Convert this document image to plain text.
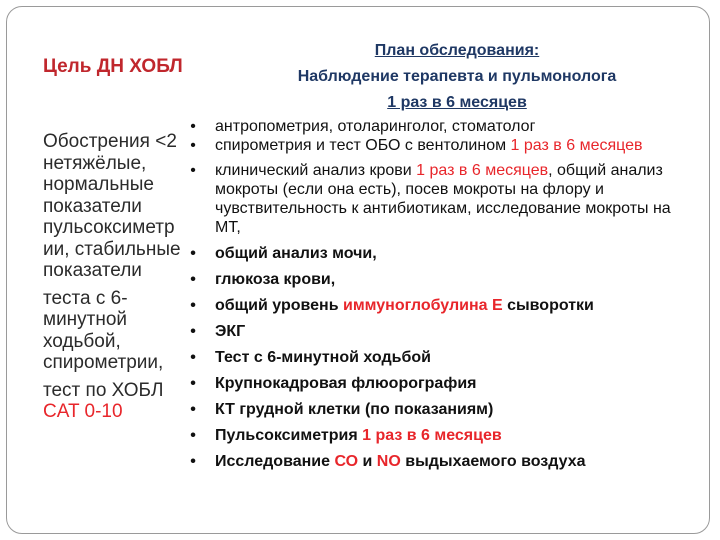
Цель ДН ХОБЛ
Обострения <2 нетяжёлые, нормальные показатели пульсоксиметр ии, стабильные показатели
теста с 6-минутной ходьбой, спирометрии,
тест по ХОБЛ CAT 0-10
План обследования:
Наблюдение терапевта и пульмонолога
1 раз в 6 месяцев
• антропометрия, отоларинголог, стоматолог
• спирометрия и тест ОБО с вентолином 1 раз в 6 месяцев
• клинический анализ крови 1 раз в 6 месяцев, общий анализ мокроты (если она есть), посев мокроты на флору и чувствительность к антибиотикам, исследование мокроты на МТ,
• общий анализ мочи,
• глюкоза крови,
• общий уровень иммуноглобулина Е сыворотки
• ЭКГ
• Тест с 6-минутной ходьбой
• Крупнокадровая флюорография
• КТ грудной клетки (по показаниям)
• Пульсоксиметрия 1 раз в 6 месяцев
• Исследование СО и NO выдыхаемого воздуха
